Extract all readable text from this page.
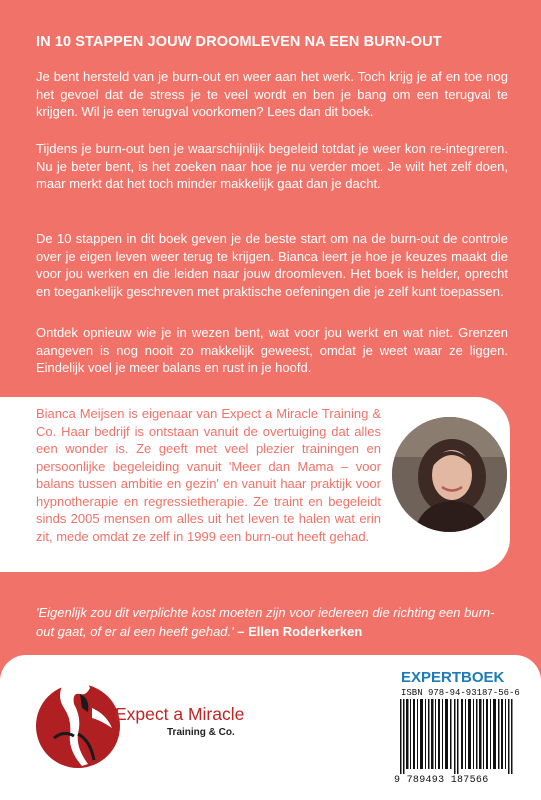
IN 10 STAPPEN JOUW DROOMLEVEN NA EEN BURN-OUT
Je bent hersteld van je burn-out en weer aan het werk. Toch krijg je af en toe nog het gevoel dat de stress je te veel wordt en ben je bang om een terugval te krijgen. Wil je een terugval voorkomen? Lees dan dit boek.
Tijdens je burn-out ben je waarschijnlijk begeleid totdat je weer kon re-integreren. Nu je beter bent, is het zoeken naar hoe je nu verder moet. Je wilt het zelf doen, maar merkt dat het toch minder makkelijk gaat dan je dacht.
De 10 stappen in dit boek geven je de beste start om na de burn-out de controle over je eigen leven weer terug te krijgen. Bianca leert je hoe je keuzes maakt die voor jou werken en die leiden naar jouw droomleven. Het boek is helder, oprecht en toegankelijk geschreven met praktische oefeningen die je zelf kunt toepassen.
Ontdek opnieuw wie je in wezen bent, wat voor jou werkt en wat niet. Grenzen aangeven is nog nooit zo makkelijk geweest, omdat je weet waar ze liggen. Eindelijk voel je meer balans en rust in je hoofd.
Bianca Meijsen is eigenaar van Expect a Miracle Training & Co. Haar bedrijf is ontstaan vanuit de overtuiging dat alles een wonder is. Ze geeft met veel plezier trainingen en persoonlijke begeleiding vanuit 'Meer dan Mama – voor balans tussen ambitie en gezin' en vanuit haar praktijk voor hypnotherapie en regressietherapie. Ze traint en begeleidt sinds 2005 mensen om alles uit het leven te halen wat erin zit, mede omdat ze zelf in 1999 een burn-out heeft gehad.
'Eigenlijk zou dit verplichte kost moeten zijn voor iedereen die richting een burn-out gaat, of er al een heeft gehad.' – Ellen Roderkerken
Expect a Miracle
Training & Co.
EXPERTBOEK
ISBN 978-94-93187-56-6
9 789493 187566
